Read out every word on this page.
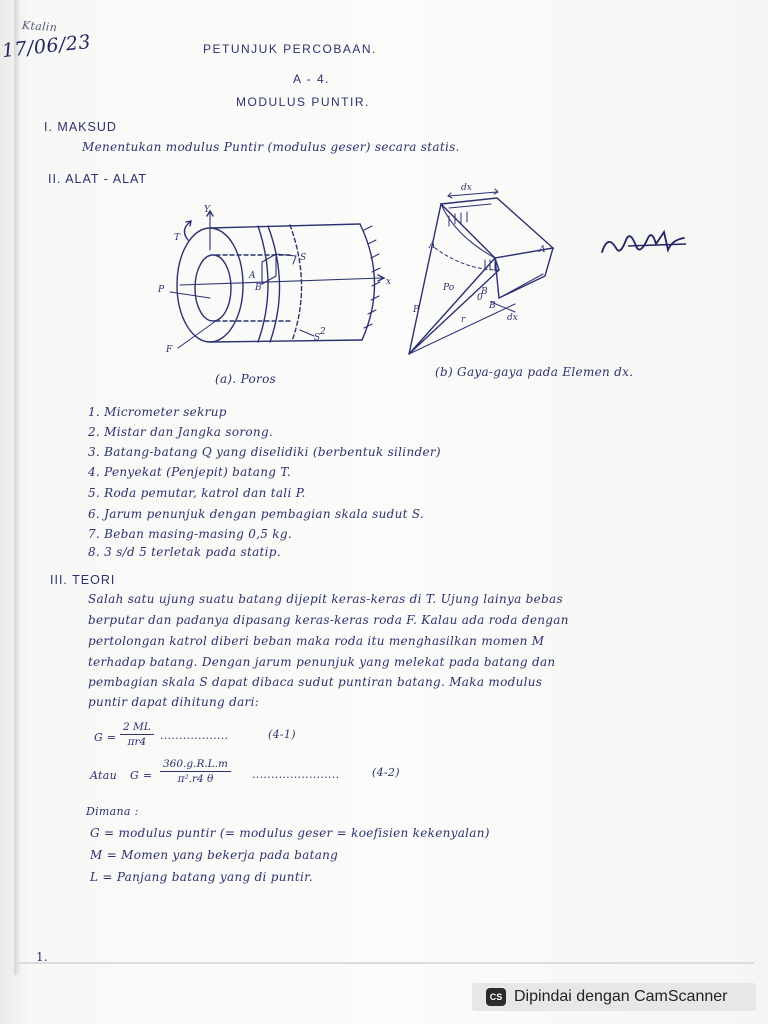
Ktalin
PETUNJUK PERCOBAAN.
A - 4.
MODULUS PUNTIR.
I. MAKSUD
Menentukan modulus Puntir (modulus geser) secara statis.
II. ALAT - ALAT
Y
T
A
B
P
x
S
S
F
2
(a). Poros
dx
A	A
Po
P
r
B
dx
0
B
(b) Gaya-gaya pada Elemen dx.
17/06/23
1. Micrometer sekrup
2. Mistar dan Jangka sorong.
3. Batang-batang Q yang diselidiki (berbentuk silinder)
4. Penyekat (Penjepit) batang T.
5. Roda pemutar, katrol dan tali P.
6. Jarum penunjuk dengan pembagian skala sudut S.
7. Beban masing-masing 0,5 kg.
8. 3 s/d 5 terletak pada statip.
III. TEORI
Salah satu ujung suatu batang dijepit keras-keras di T. Ujung lainya bebas
berputar dan padanya dipasang keras-keras roda F. Kalau ada roda dengan
pertolongan katrol diberi beban maka roda itu menghasilkan momen M
terhadap batang. Dengan jarum penunjuk yang melekat pada batang dan
pembagian skala S dapat dibaca sudut puntiran batang. Maka modulus
puntir dapat dihitung dari:
$G = \frac{2 ML}{\pi r4}$ ..................	(4-1)
Atau $G = \frac{360.g.R.L.m}{\text{π².r4 θ}}$ .......................	(4-2)
Dimana :
G = modulus puntir (= modulus geser = koefisien kekenyalan)
M = Momen yang bekerja pada batang
L = Panjang batang yang di puntir.
1.
CS Dipindai dengan CamScanner
